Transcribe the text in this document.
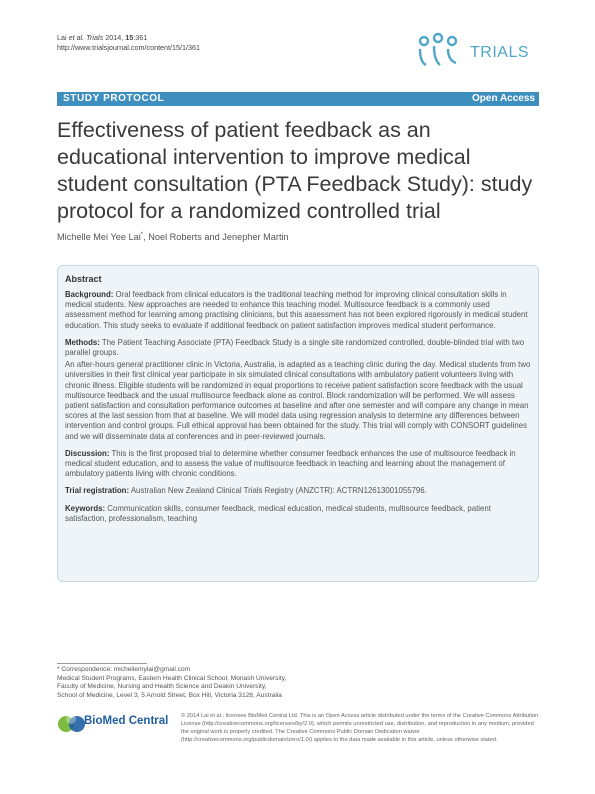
Lai et al. Trials 2014, 15:361
http://www.trialsjournal.com/content/15/1/361	TRIALS
STUDY PROTOCOL	Open Access
Effectiveness of patient feedback as an educational intervention to improve medical student consultation (PTA Feedback Study): study protocol for a randomized controlled trial
Michelle Mei Yee Lai*, Noel Roberts and Jenepher Martin
Abstract

Background: Oral feedback from clinical educators is the traditional teaching method for improving clinical consultation skills in medical students. New approaches are needed to enhance this teaching model. Multisource feedback is a commonly used assessment method for learning among practising clinicians, but this assessment has not been explored rigorously in medical student education. This study seeks to evaluate if additional feedback on patient satisfaction improves medical student performance.

Methods: The Patient Teaching Associate (PTA) Feedback Study is a single site randomized controlled, double-blinded trial with two parallel groups.

An after-hours general practitioner clinic in Victoria, Australia, is adapted as a teaching clinic during the day. Medical students from two universities in their first clinical year participate in six simulated clinical consultations with ambulatory patient volunteers living with chronic illness. Eligible students will be randomized in equal proportions to receive patient satisfaction score feedback with the usual multisource feedback and the usual multisource feedback alone as control. Block randomization will be performed. We will assess patient satisfaction and consultation performance outcomes at baseline and after one semester and will compare any change in mean scores at the last session from that at baseline. We will model data using regression analysis to determine any differences between intervention and control groups. Full ethical approval has been obtained for the study. This trial will comply with CONSORT guidelines and we will disseminate data at conferences and in peer-reviewed journals.

Discussion: This is the first proposed trial to determine whether consumer feedback enhances the use of multisource feedback in medical student education, and to assess the value of multisource feedback in teaching and learning about the management of ambulatory patients living with chronic conditions.

Trial registration: Australian New Zealand Clinical Trials Registry (ANZCTR): ACTRN12613001055796.

Keywords: Communication skills, consumer feedback, medical education, medical students, multisource feedback, patient satisfaction, professionalism, teaching

* Correspondence: michellemylai@gmail.com
Medical Student Programs, Eastern Health Clinical School, Monash University,
Faculty of Medicine, Nursing and Health Science and Deakin University,
School of Medicine, Level 3, 5 Arnold Street, Box Hill, Victoria 3128, Australia
BioMed Central © 2014 Lai et al.; licensee BioMed Central Ltd. This is an Open Access article distributed under the terms of the Creative Commons Attribution License (http://creativecommons.org/licenses/by/2.0), which permits unrestricted use, distribution, and reproduction in any medium, provided the original work is properly credited. The Creative Commons Public Domain Dedication waiver (http://creativecommons.org/publicdomain/zero/1.0/) applies to the data made available in this article, unless otherwise stated.
